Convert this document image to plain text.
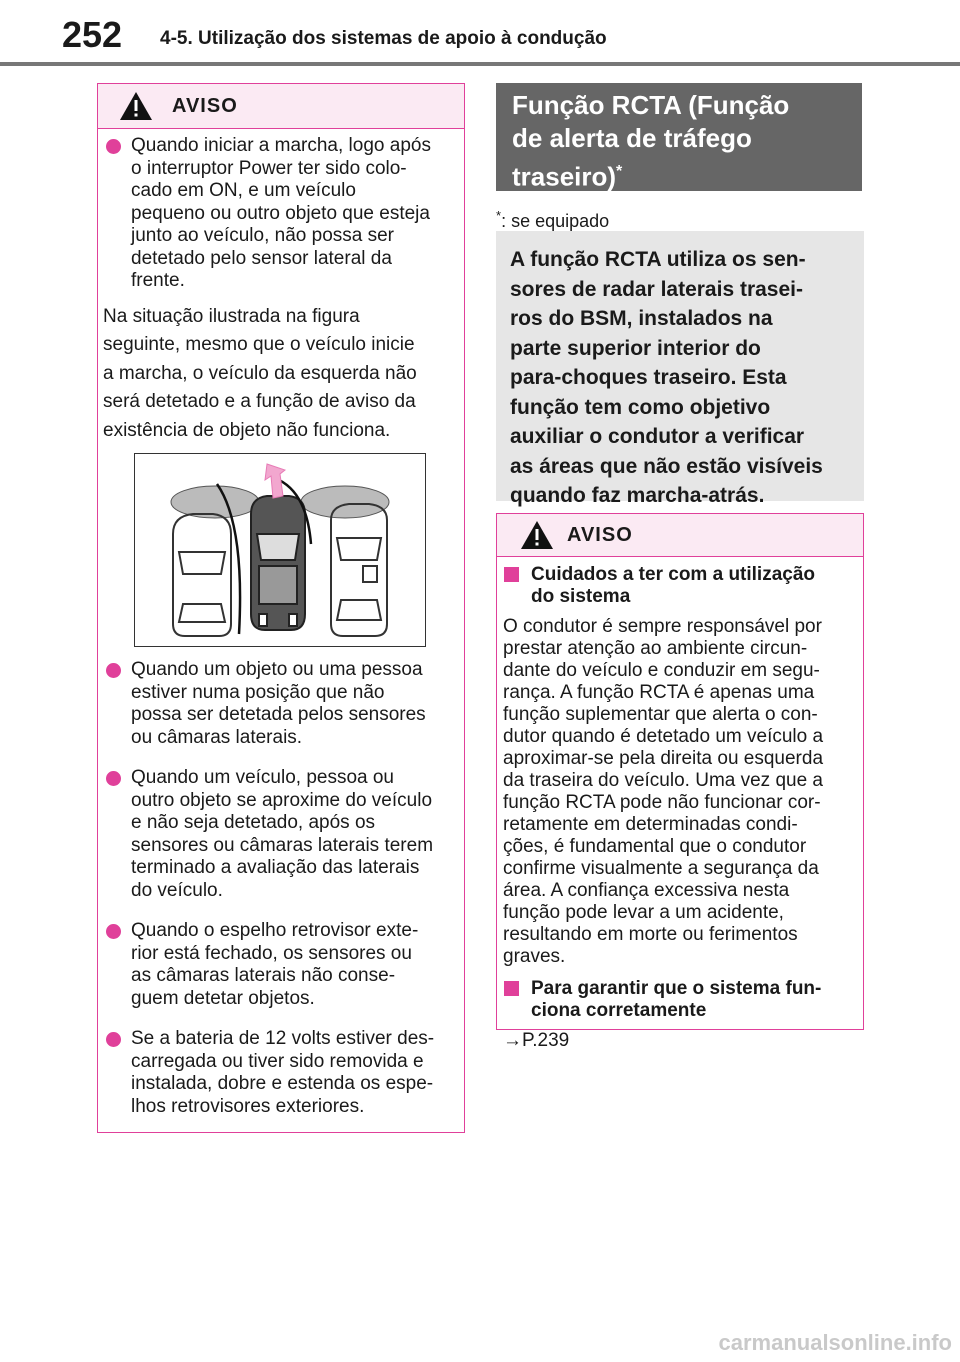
252 4-5. Utilização dos sistemas de apoio à condução
AVISO
Quando iniciar a marcha, logo após
o interruptor Power ter sido colo-
cado em ON, e um veículo
pequeno ou outro objeto que esteja
junto ao veículo, não possa ser
detetado pelo sensor lateral da
frente.
Na situação ilustrada na figura
seguinte, mesmo que o veículo inicie
a marcha, o veículo da esquerda não
será detetado e a função de aviso da
existência de objeto não funciona.
Quando um objeto ou uma pessoa
estiver numa posição que não
possa ser detetada pelos sensores
ou câmaras laterais.
Quando um veículo, pessoa ou
outro objeto se aproxime do veículo
e não seja detetado, após os
sensores ou câmaras laterais terem
terminado a avaliação das laterais
do veículo.
Quando o espelho retrovisor exte-
rior está fechado, os sensores ou
as câmaras laterais não conse-
guem detetar objetos.
Se a bateria de 12 volts estiver des-
carregada ou tiver sido removida e
instalada, dobre e estenda os espe-
lhos retrovisores exteriores.
Função RCTA (Função
de alerta de tráfego
traseiro)*
*: se equipado
A função RCTA utiliza os sen-
sores de radar laterais trasei-
ros do BSM, instalados na
parte superior interior do
para-choques traseiro. Esta
função tem como objetivo
auxiliar o condutor a verificar
as áreas que não estão visíveis
quando faz marcha-atrás.
AVISO
Cuidados a ter com a utilização
do sistema
O condutor é sempre responsável por
prestar atenção ao ambiente circun-
dante do veículo e conduzir em segu-
rança. A função RCTA é apenas uma
função suplementar que alerta o con-
dutor quando é detetado um veículo a
aproximar-se pela direita ou esquerda
da traseira do veículo. Uma vez que a
função RCTA pode não funcionar cor-
retamente em determinadas condi-
ções, é fundamental que o condutor
confirme visualmente a segurança da
área. A confiança excessiva nesta
função pode levar a um acidente,
resultando em morte ou ferimentos
graves.
Para garantir que o sistema fun-
ciona corretamente
→P.239
carmanualsonline.info
